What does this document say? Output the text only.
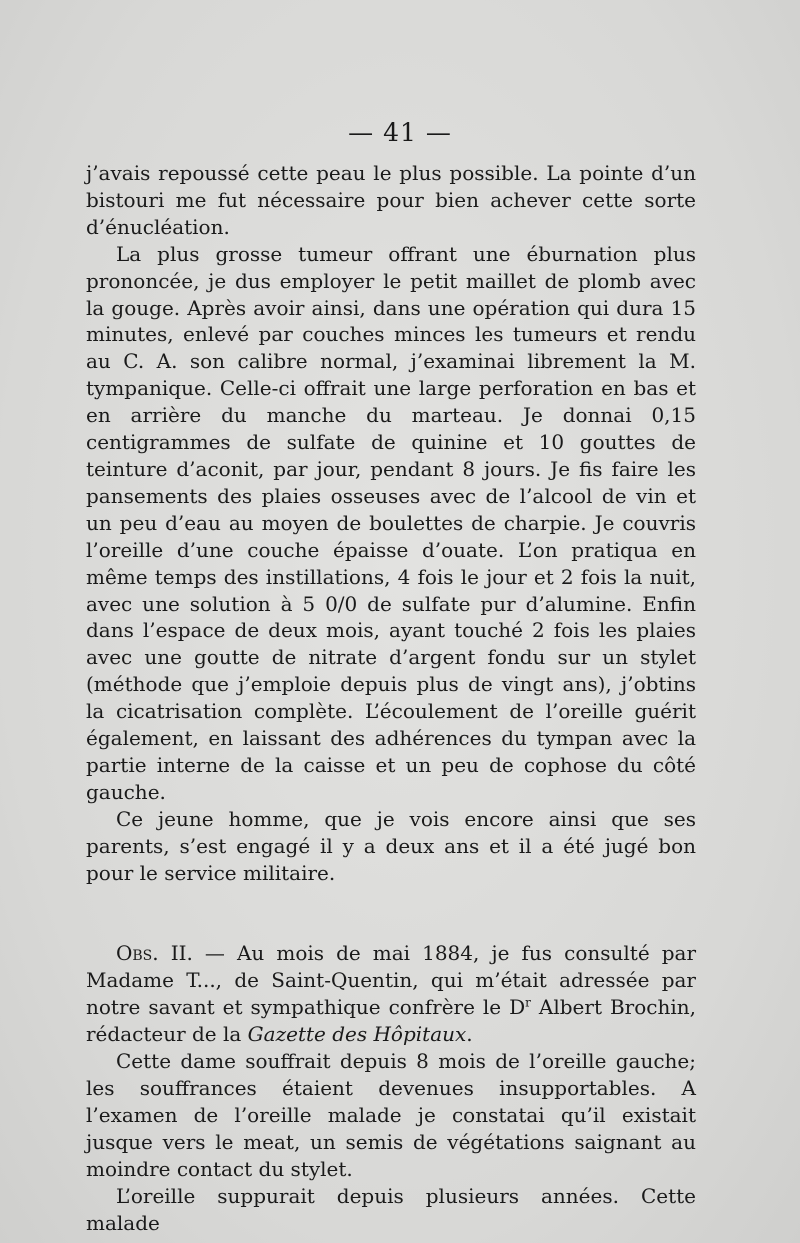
— 41 —

j’avais repoussé cette peau le plus possible. La pointe d’un bistouri me fut nécessaire pour bien achever cette sorte d’énucléation.

La plus grosse tumeur offrant une éburnation plus prononcée, je dus employer le petit maillet de plomb avec la gouge. Après avoir ainsi, dans une opération qui dura 15 minutes, enlevé par couches minces les tumeurs et rendu au C. A. son calibre normal, j’examinai librement la M. tympanique. Celle-ci offrait une large perforation en bas et en arrière du manche du marteau. Je donnai 0,15 centigrammes de sulfate de quinine et 10 gouttes de teinture d’aconit, par jour, pendant 8 jours. Je fis faire les pansements des plaies osseuses avec de l’alcool de vin et un peu d’eau au moyen de boulettes de charpie. Je couvris l’oreille d’une couche épaisse d’ouate. L’on pratiqua en même temps des instillations, 4 fois le jour et 2 fois la nuit, avec une solution à 5 0/0 de sulfate pur d’alumine. Enfin dans l’espace de deux mois, ayant touché 2 fois les plaies avec une goutte de nitrate d’argent fondu sur un stylet (méthode que j’emploie depuis plus de vingt ans), j’obtins la cicatrisation complète. L’écoulement de l’oreille guérit également, en laissant des adhérences du tympan avec la partie interne de la caisse et un peu de cophose du côté gauche.

Ce jeune homme, que je vois encore ainsi que ses parents, s’est engagé il y a deux ans et il a été jugé bon pour le service militaire.

Obs. II. — Au mois de mai 1884, je fus consulté par Madame T..., de Saint-Quentin, qui m’était adressée par notre savant et sympathique confrère le $D^r$ Albert Brochin, rédacteur de la Gazette des Hôpitaux.

Cette dame souffrait depuis 8 mois de l’oreille gauche; les souffrances étaient devenues insupportables. A l’examen de l’oreille malade je constatai qu’il existait jusque vers le meat, un semis de végétations saignant au moindre contact du stylet.

L’oreille suppurait depuis plusieurs années. Cette malade
